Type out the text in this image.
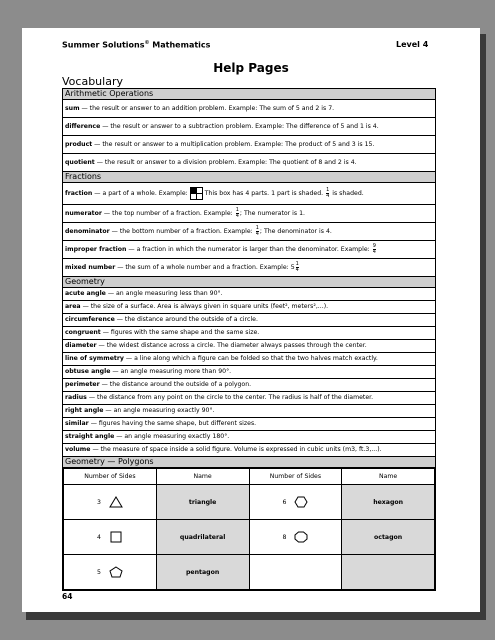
Summer Solutions© Mathematics	Level 4
Help Pages
Vocabulary
Arithmetic Operations
sum — the result or answer to an addition problem. Example: The sum of 5 and 2 is 7.
difference — the result or answer to a subtraction problem. Example: The difference of 5 and 1 is 4.
product — the result or answer to a multiplication problem. Example: The product of 5 and 3 is 15.
quotient — the result or answer to a division problem. Example: The quotient of 8 and 2 is 4.
Fractions
fraction — a part of a whole. Example:	This box has 4 parts. 1 part is shaded. $\frac{1}{4}$ is shaded.
numerator — the top number of a fraction. Example: $\frac{1}{4}$ ; The numerator is 1.
denominator — the bottom number of a fraction. Example: $\frac{1}{4}$ ; The denominator is 4.
improper fraction — a fraction in which the numerator is larger than the denominator. Example: $\frac{9}{4}$
mixed number — the sum of a whole number and a fraction. Example: $5 \frac{1}{4}$
Geometry
acute angle — an angle measuring less than 90°.
area — the size of a surface. Area is always given in square units (feet², meters²,...).
circumference — the distance around the outside of a circle.
congruent — figures with the same shape and the same size.
diameter — the widest distance across a circle. The diameter always passes through the center.
line of symmetry — a line along which a figure can be folded so that the two halves match exactly.
obtuse angle — an angle measuring more than 90°.
perimeter — the distance around the outside of a polygon.
radius — the distance from any point on the circle to the center. The radius is half of the diameter.
right angle — an angle measuring exactly 90°.
similar — figures having the same shape, but different sizes.
straight angle — an angle measuring exactly 180°.
volume — the measure of space inside a solid figure. Volume is expressed in cubic units (m3, ft.3,...).
Geometry — Polygons
Number of Sides	Name	Number of Sides	Name
3	triangle	6	hexagon
4	quadrilateral	8	octagon
5	pentagon		
64
